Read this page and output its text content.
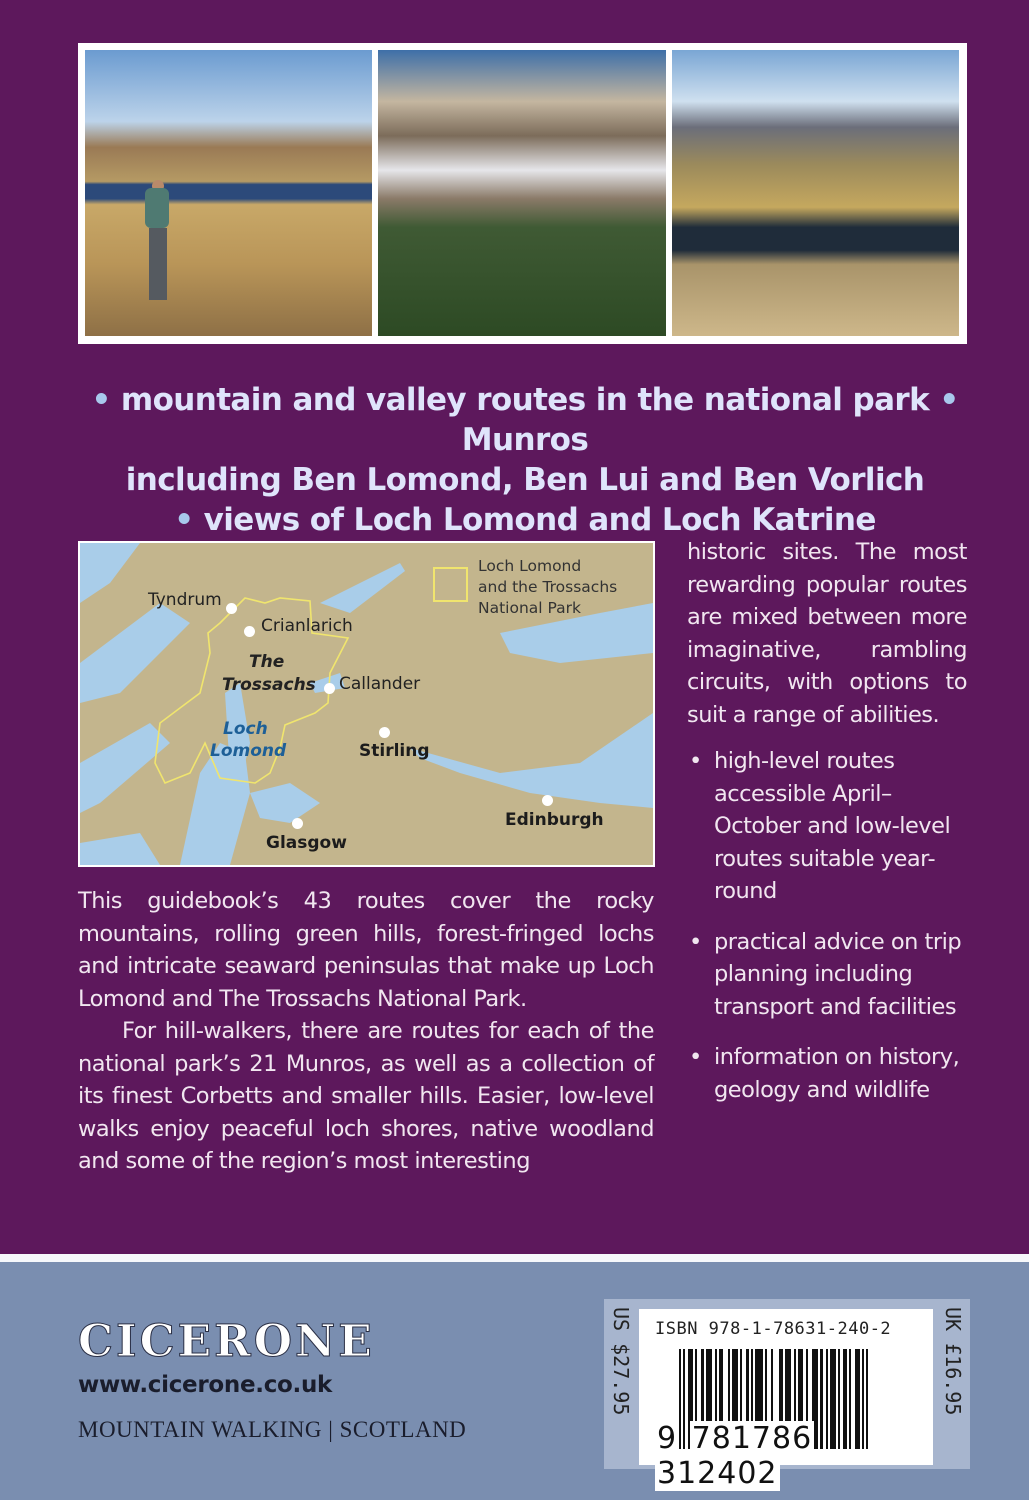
• mountain and valley routes in the national park • Munros
including Ben Lomond, Ben Lui and Ben Vorlich
• views of Loch Lomond and Loch Katrine
Loch Lomond
and the Trossachs
National Park
Tyndrum
Crianlarich
The
Trossachs Callander
Loch
Lomond	Stirling
Glasgow
Edinburgh

historic sites. The most rewarding popular routes are mixed between more imaginative, rambling circuits, with options to suit a range of abilities.

• high-level routes accessible April–October and low-level routes suitable year-round
• practical advice on trip planning including transport and facilities
• information on history, geology and wildlife

This guidebook’s 43 routes cover the rocky mountains, rolling green hills, forest-fringed lochs and intricate seaward peninsulas that make up Loch Lomond and The Trossachs National Park.

For hill-walkers, there are routes for each of the national park’s 21 Munros, as well as a collection of its finest Corbetts and smaller hills. Easier, low-level walks enjoy peaceful loch shores, native woodland and some of the region’s most interesting

CICERONE
www.cicerone.co.uk
MOUNTAIN WALKING | SCOTLAND
US $27.95 ISBN 978-1-78631-240-2
9 781786 312402
UK £16.95
